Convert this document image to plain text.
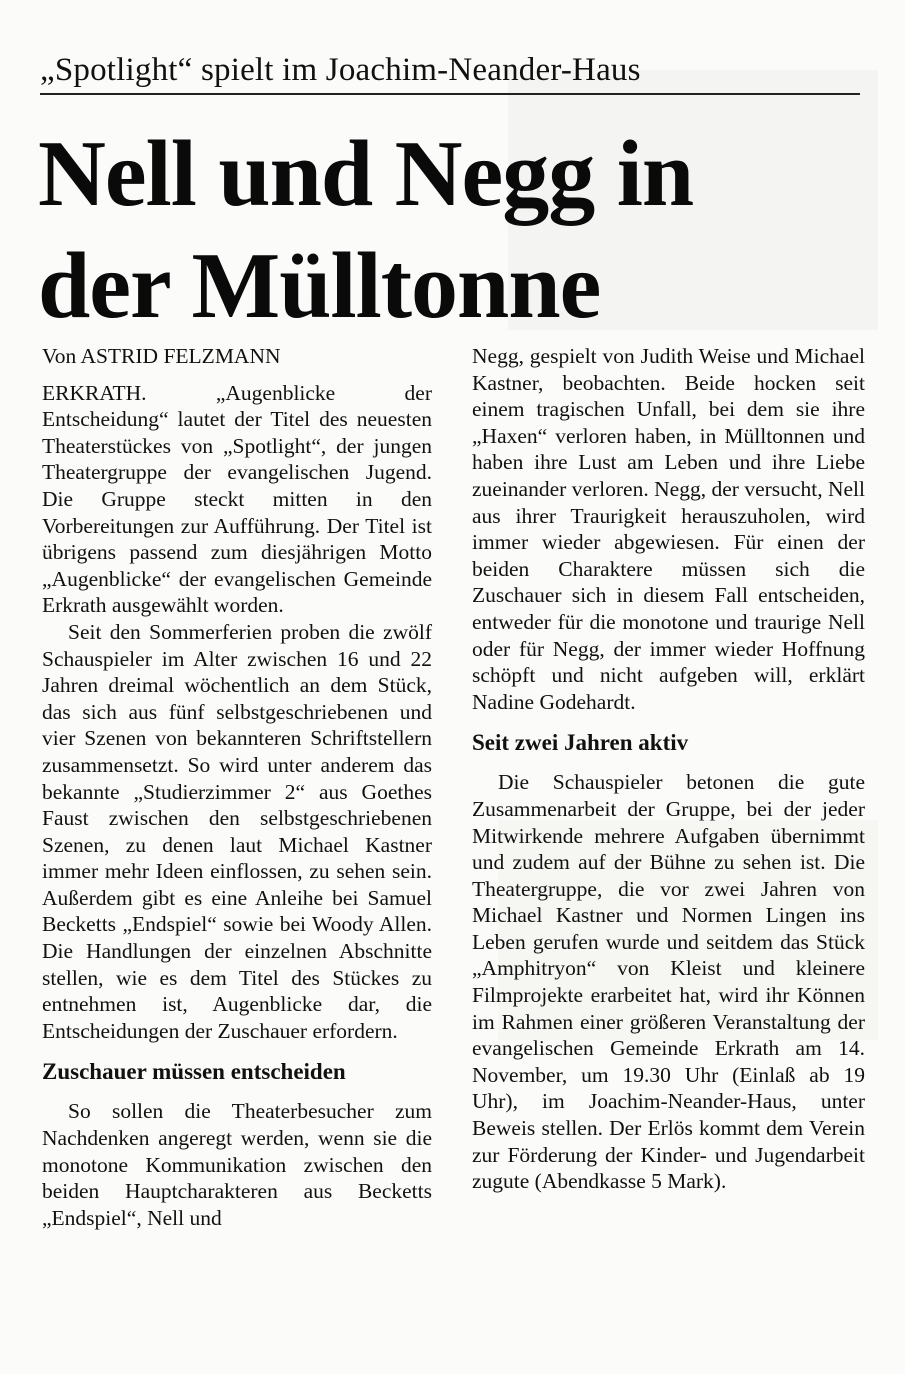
„Spotlight“ spielt im Joachim-Neander-Haus
Nell und Negg in
der Mülltonne

Von ASTRID FELZMANN

ERKRATH. „Augenblicke der Entscheidung“ lautet der Titel des neuesten Theaterstückes von „Spotlight“, der jungen Theatergruppe der evangelischen Jugend. Die Gruppe steckt mitten in den Vorbereitungen zur Aufführung. Der Titel ist übrigens passend zum diesjährigen Motto „Augenblicke“ der evangelischen Gemeinde Erkrath ausgewählt worden.

Seit den Sommerferien proben die zwölf Schauspieler im Alter zwischen 16 und 22 Jahren dreimal wöchentlich an dem Stück, das sich aus fünf selbstgeschriebenen und vier Szenen von bekannteren Schriftstellern zusammensetzt. So wird unter anderem das bekannte „Studierzimmer 2“ aus Goethes Faust zwischen den selbstgeschriebenen Szenen, zu denen laut Michael Kastner immer mehr Ideen einflossen, zu sehen sein. Außerdem gibt es eine Anleihe bei Samuel Becketts „Endspiel“ sowie bei Woody Allen. Die Handlungen der einzelnen Abschnitte stellen, wie es dem Titel des Stückes zu entnehmen ist, Augenblicke dar, die Entscheidungen der Zuschauer erfordern.

Zuschauer müssen entscheiden

So sollen die Theaterbesucher zum Nachdenken angeregt werden, wenn sie die monotone Kommunikation zwischen den beiden Hauptcharakteren aus Becketts „Endspiel“, Nell und

Negg, gespielt von Judith Weise und Michael Kastner, beobachten. Beide hocken seit einem tragischen Unfall, bei dem sie ihre „Haxen“ verloren haben, in Mülltonnen und haben ihre Lust am Leben und ihre Liebe zueinander verloren. Negg, der versucht, Nell aus ihrer Traurigkeit herauszuholen, wird immer wieder abgewiesen. Für einen der beiden Charaktere müssen sich die Zuschauer sich in diesem Fall entscheiden, entweder für die monotone und traurige Nell oder für Negg, der immer wieder Hoffnung schöpft und nicht aufgeben will, erklärt Nadine Godehardt.

Seit zwei Jahren aktiv

Die Schauspieler betonen die gute Zusammenarbeit der Gruppe, bei der jeder Mitwirkende mehrere Aufgaben übernimmt und zudem auf der Bühne zu sehen ist. Die Theatergruppe, die vor zwei Jahren von Michael Kastner und Normen Lingen ins Leben gerufen wurde und seitdem das Stück „Amphitryon“ von Kleist und kleinere Filmprojekte erarbeitet hat, wird ihr Können im Rahmen einer größeren Veranstaltung der evangelischen Gemeinde Erkrath am 14. November, um 19.30 Uhr (Einlaß ab 19 Uhr), im Joachim-Neander-Haus, unter Beweis stellen. Der Erlös kommt dem Verein zur Förderung der Kinder- und Jugendarbeit zugute (Abendkasse 5 Mark).
